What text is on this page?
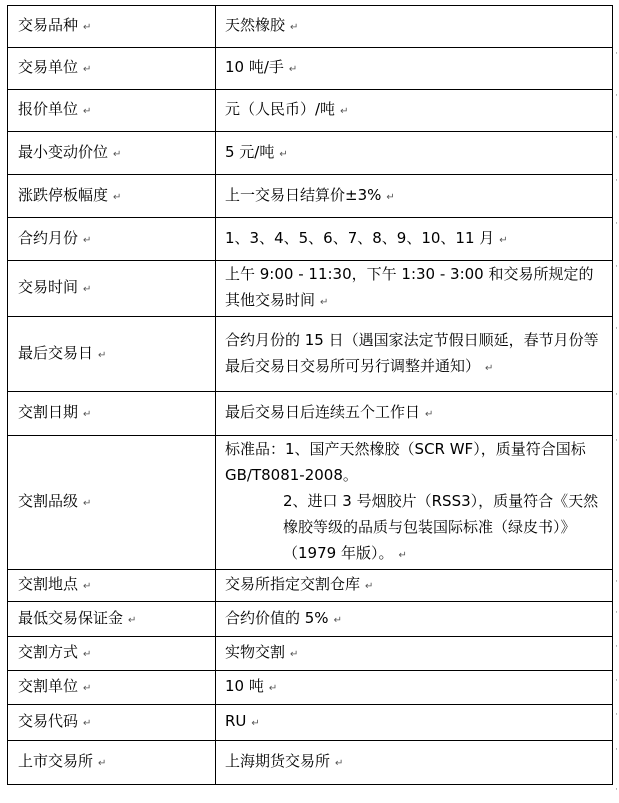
交易品种 ↵	天然橡胶 ↵
·

交易单位 ↵	10 吨/手 ↵
·

报价单位 ↵	元（人民币）/吨 ↵
·

最小变动价位 ↵	5 元/吨 ↵
·

涨跌停板幅度 ↵	上一交易日结算价±3% ↵
·

合约月份 ↵	1、3、4、5、6、7、8、9、10、11 月 ↵
·

交易时间 ↵	上午 9:00 - 11:30，下午 1:30 - 3:00 和交易所规定的其他交易时间 ↵
·

最后交易日 ↵	合约月份的 15 日（遇国家法定节假日顺延，春节月份等最后交易日交易所可另行调整并通知） ↵
·

交割日期 ↵	最后交易日后连续五个工作日 ↵
·

交割品级 ↵	标准品：1、国产天然橡胶（SCR WF），质量符合国标 GB/T8081-2008。
2、进口 3 号烟胶片（RSS3），质量符合《天然橡胶等级的品质与包装国际标准（绿皮书）》（1979 年版）。 ↵
·

交割地点 ↵	交易所指定交割仓库 ↵
·

最低交易保证金 ↵	合约价值的 5% ↵
·

交割方式 ↵	实物交割 ↵
·

交割单位 ↵	10 吨 ↵
·

交易代码 ↵	RU ↵
·

上市交易所 ↵	上海期货交易所 ↵
·
